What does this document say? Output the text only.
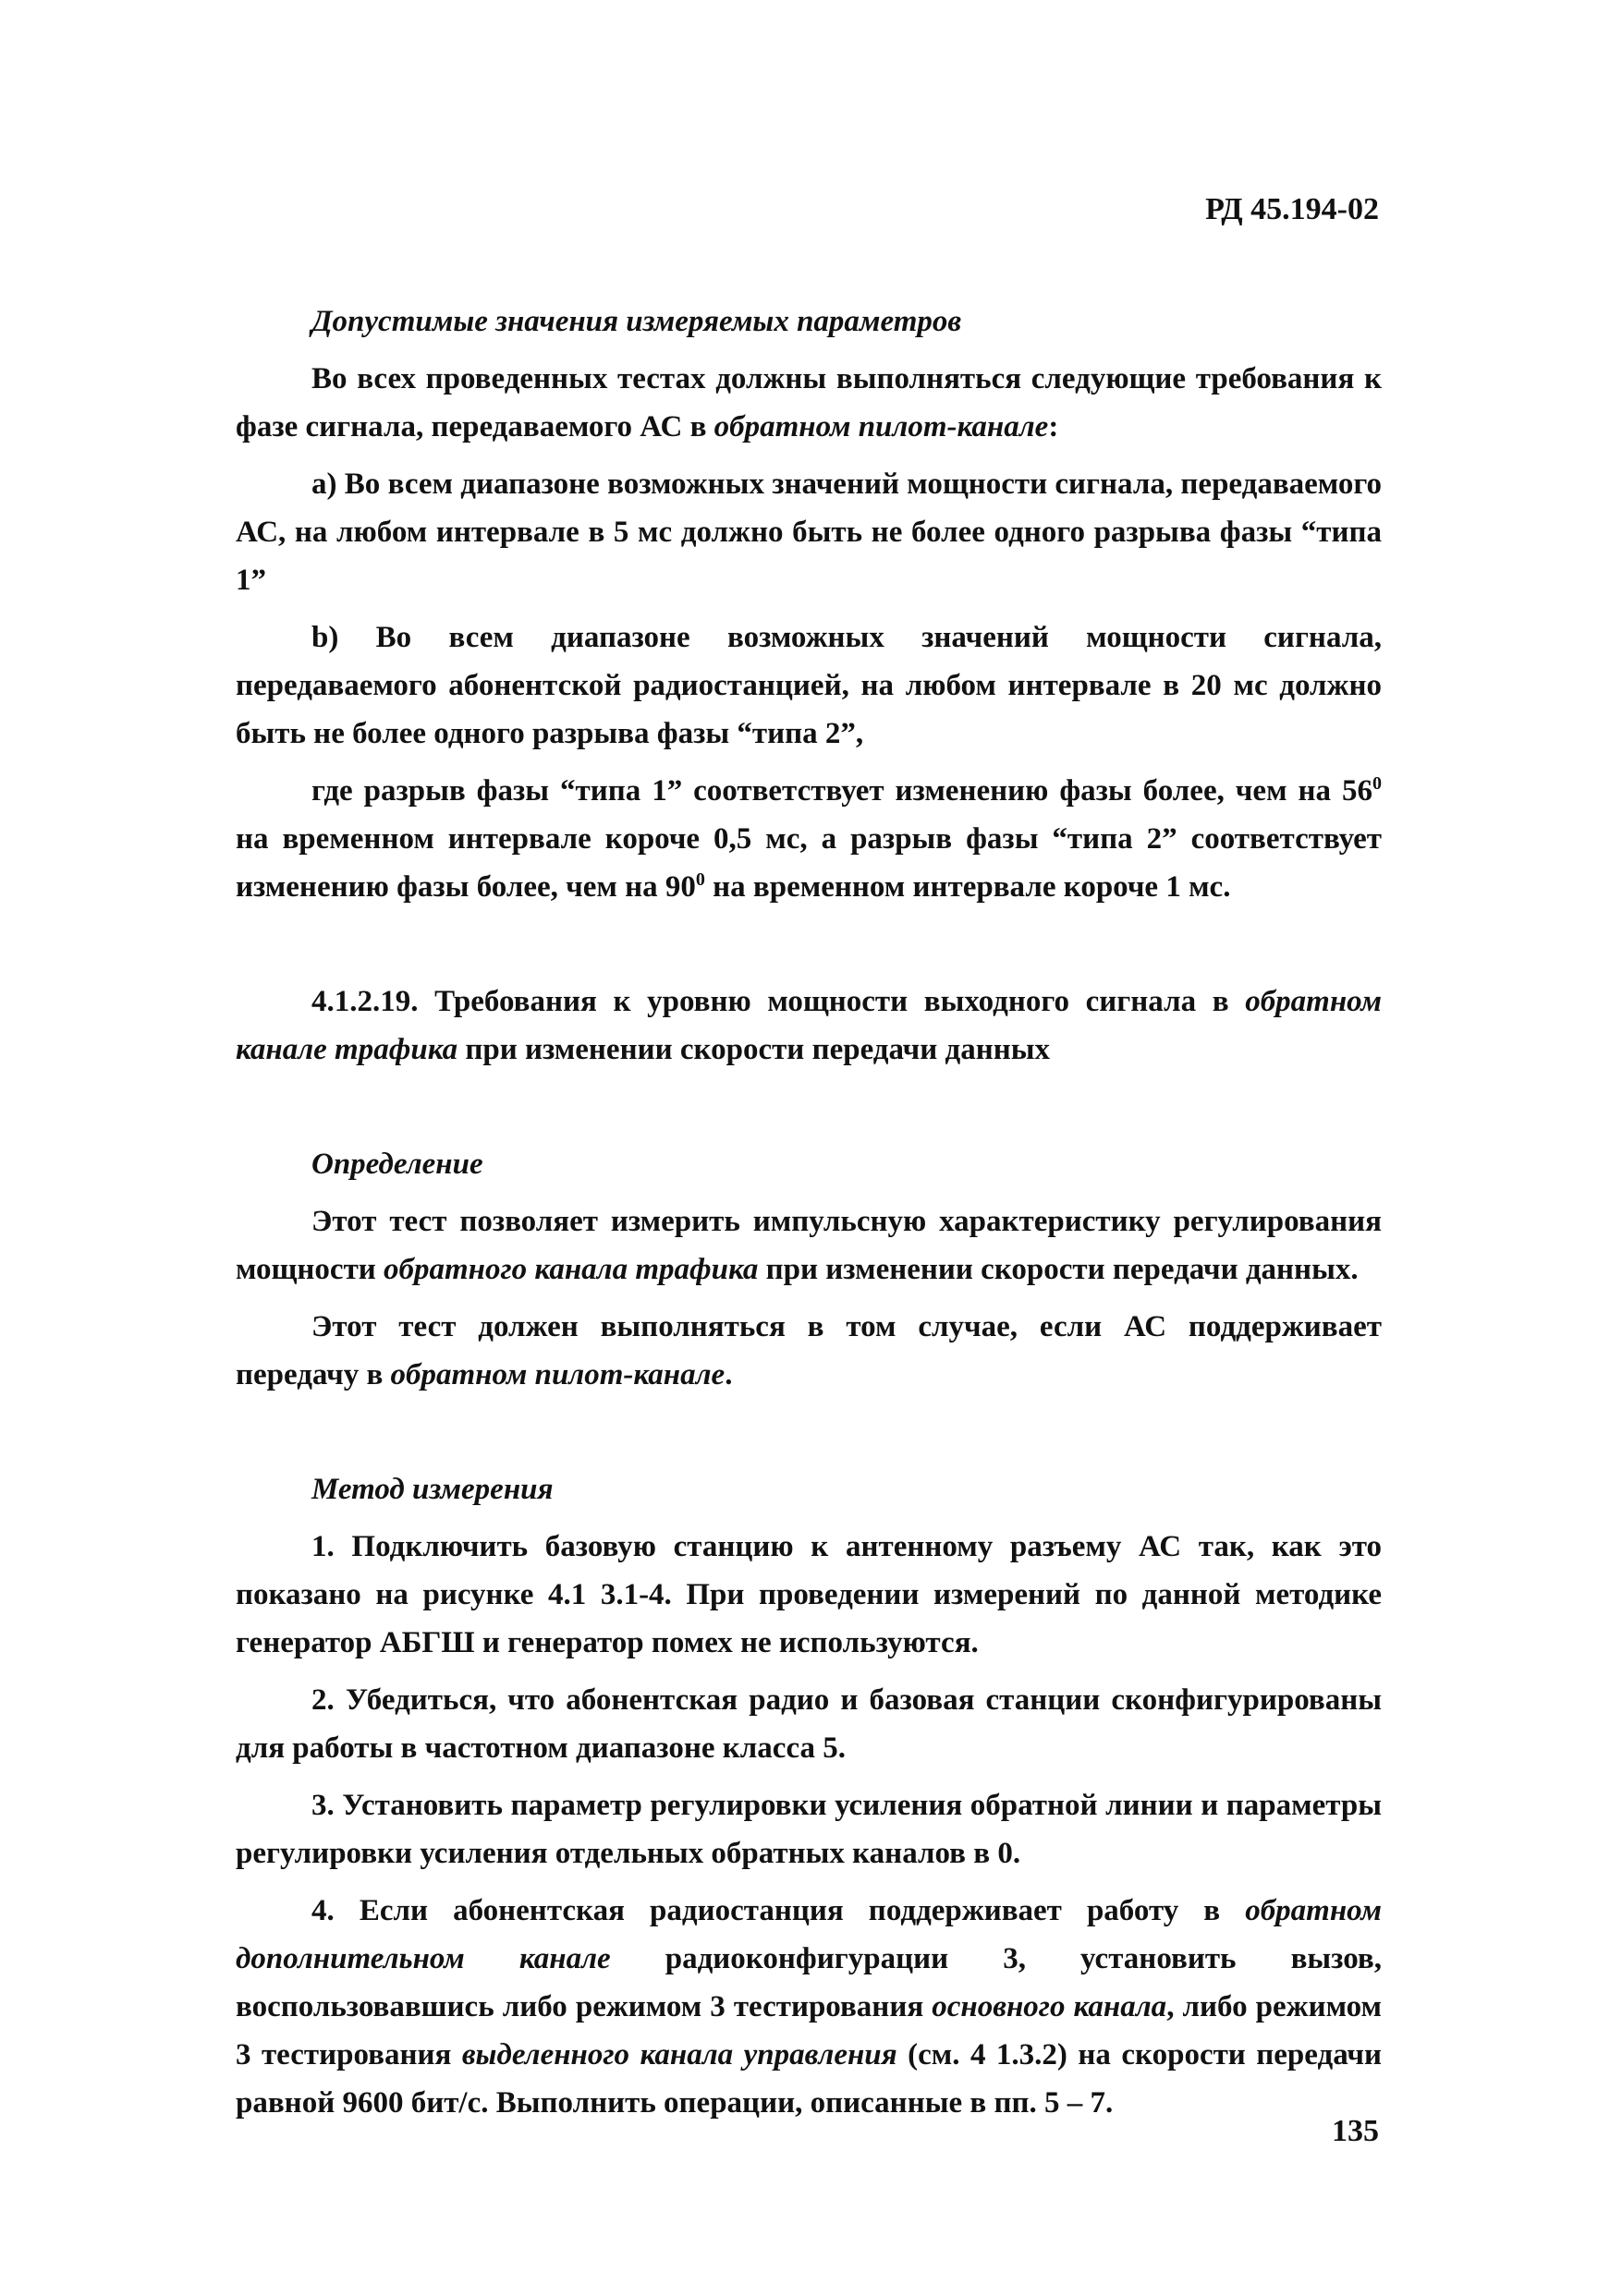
РД 45.194-02
Допустимые значения измеряемых параметров

Во всех проведенных тестах должны выполняться следующие требования к фазе сигнала, передаваемого АС в обратном пилот-канале:

а) Во всем диапазоне возможных значений мощности сигнала, передаваемого АС, на любом интервале в 5 мс должно быть не более одного разрыва фазы “типа 1”

b) Во всем диапазоне возможных значений мощности сигнала, передаваемого абонентской радиостанцией, на любом интервале в 20 мс должно быть не более одного разрыва фазы “типа 2”,

где разрыв фазы “типа 1” соответствует изменению фазы более, чем на $56^0$ на временном интервале короче 0,5 мс, а разрыв фазы “типа 2” соответствует изменению фазы более, чем на $90^0$ на временном интервале короче 1 мс.

4.1.2.19. Требования к уровню мощности выходного сигнала в обратном канале трафика при изменении скорости передачи данных

Определение

Этот тест позволяет измерить импульсную характеристику регулирования мощности обратного канала трафика при изменении скорости передачи данных.

Этот тест должен выполняться в том случае, если АС поддерживает передачу в обратном пилот-канале.

Метод измерения

1. Подключить базовую станцию к антенному разъему АС так, как это показано на рисунке 4.1 3.1-4. При проведении измерений по данной методике генератор АБГШ и генератор помех не используются.

2. Убедиться, что абонентская радио и базовая станции сконфигурированы для работы в частотном диапазоне класса 5.

3. Установить параметр регулировки усиления обратной линии и параметры регулировки усиления отдельных обратных каналов в 0.

4. Если абонентская радиостанция поддерживает работу в обратном дополнительном канале радиоконфигурации 3, установить вызов, воспользовавшись либо режимом 3 тестирования основного канала, либо режимом 3 тестирования выделенного канала управления (см. 4 1.3.2) на скорости передачи равной 9600 бит/с. Выполнить операции, описанные в пп. 5 – 7.

135
